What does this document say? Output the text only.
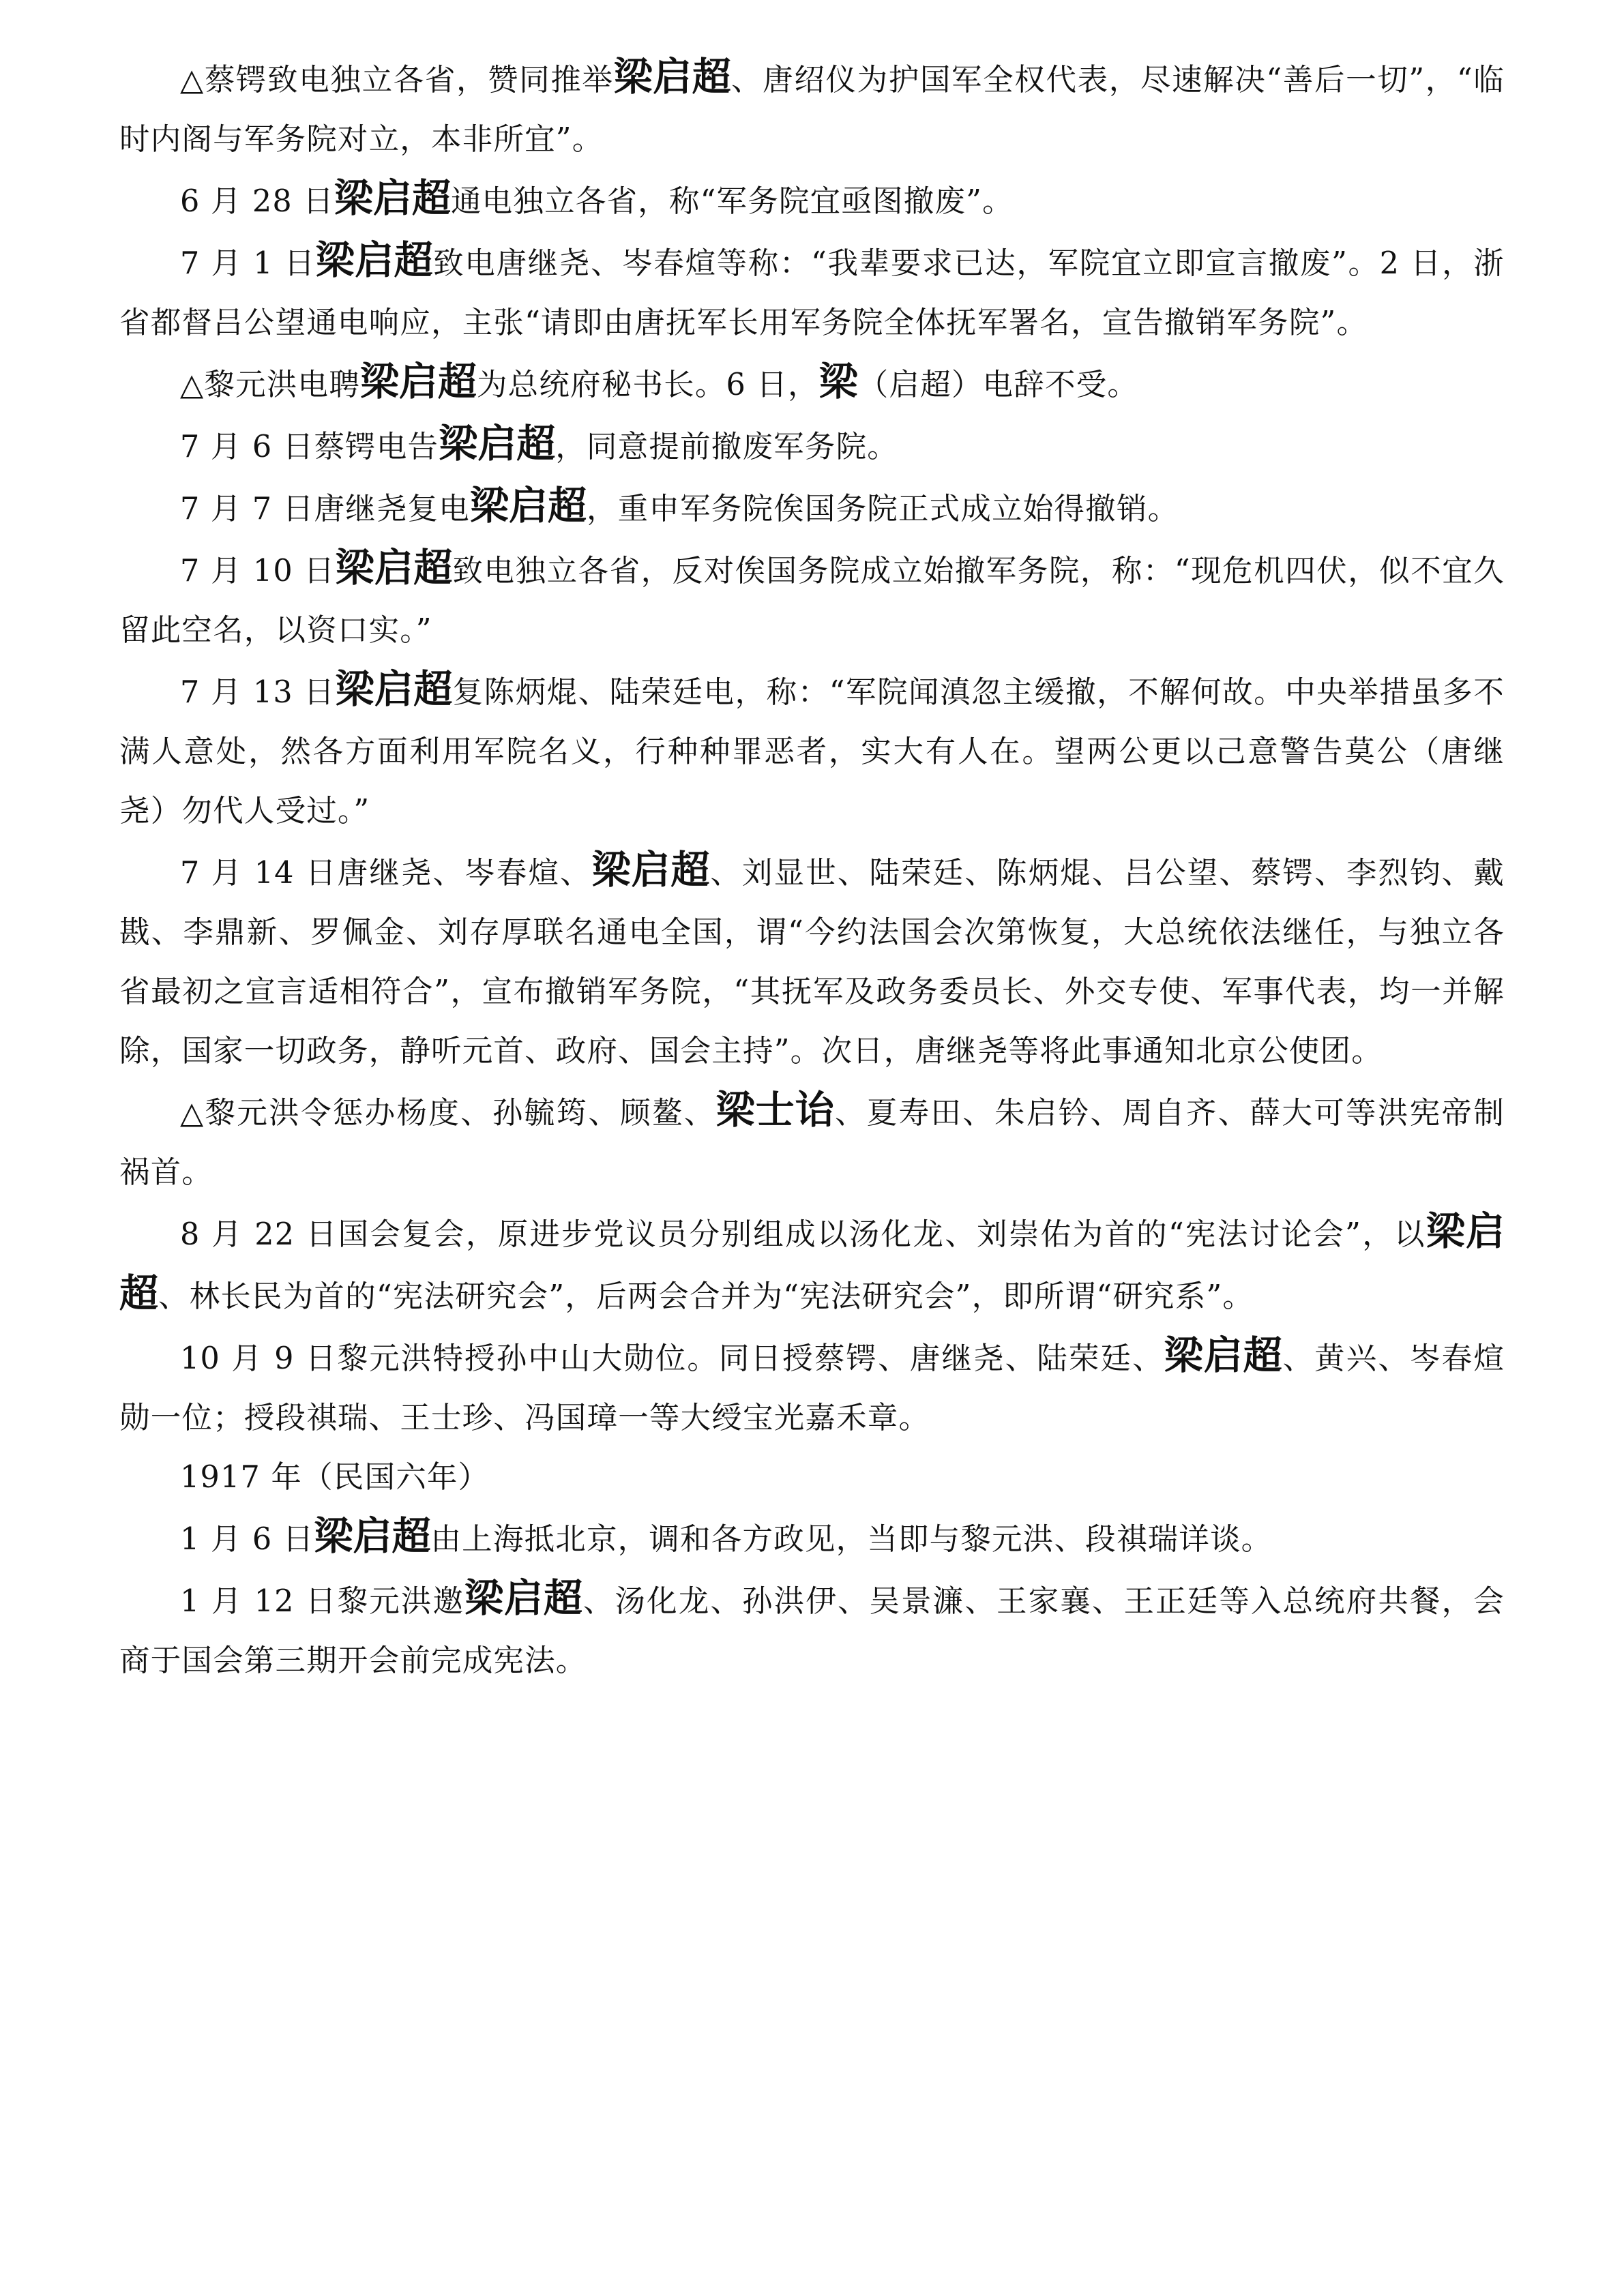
△蔡锷致电独立各省，赞同推举梁启超、唐绍仪为护国军全权代表，尽速解决“善后一切”，“临时内阁与军务院对立，本非所宜”。

6 月 28 日梁启超通电独立各省，称“军务院宜亟图撤废”。

7 月 1 日梁启超致电唐继尧、岑春煊等称：“我辈要求已达，军院宜立即宣言撤废”。2 日，浙省都督吕公望通电响应，主张“请即由唐抚军长用军务院全体抚军署名，宣告撤销军务院”。

△黎元洪电聘梁启超为总统府秘书长。6 日，梁（启超）电辞不受。

7 月 6 日蔡锷电告梁启超，同意提前撤废军务院。

7 月 7 日唐继尧复电梁启超，重申军务院俟国务院正式成立始得撤销。

7 月 10 日梁启超致电独立各省，反对俟国务院成立始撤军务院，称：“现危机四伏，似不宜久留此空名，以资口实。”

7 月 13 日梁启超复陈炳焜、陆荣廷电，称：“军院闻滇忽主缓撤，不解何故。中央举措虽多不满人意处，然各方面利用军院名义，行种种罪恶者，实大有人在。望两公更以己意警告莫公（唐继尧）勿代人受过。”

7 月 14 日唐继尧、岑春煊、梁启超、刘显世、陆荣廷、陈炳焜、吕公望、蔡锷、李烈钧、戴戡、李鼎新、罗佩金、刘存厚联名通电全国，谓“今约法国会次第恢复，大总统依法继任，与独立各省最初之宣言适相符合”，宣布撤销军务院，“其抚军及政务委员长、外交专使、军事代表，均一并解除，国家一切政务，静听元首、政府、国会主持”。次日，唐继尧等将此事通知北京公使团。

△黎元洪令惩办杨度、孙毓筠、顾鳌、梁士诒、夏寿田、朱启钤、周自齐、薛大可等洪宪帝制祸首。

8 月 22 日国会复会，原进步党议员分别组成以汤化龙、刘崇佑为首的“宪法讨论会”，以梁启超、林长民为首的“宪法研究会”，后两会合并为“宪法研究会”，即所谓“研究系”。

10 月 9 日黎元洪特授孙中山大勋位。同日授蔡锷、唐继尧、陆荣廷、梁启超、黄兴、岑春煊勋一位；授段祺瑞、王士珍、冯国璋一等大绶宝光嘉禾章。

1917 年（民国六年）

1 月 6 日梁启超由上海抵北京，调和各方政见，当即与黎元洪、段祺瑞详谈。

1 月 12 日黎元洪邀梁启超、汤化龙、孙洪伊、吴景濂、王家襄、王正廷等入总统府共餐，会商于国会第三期开会前完成宪法。
